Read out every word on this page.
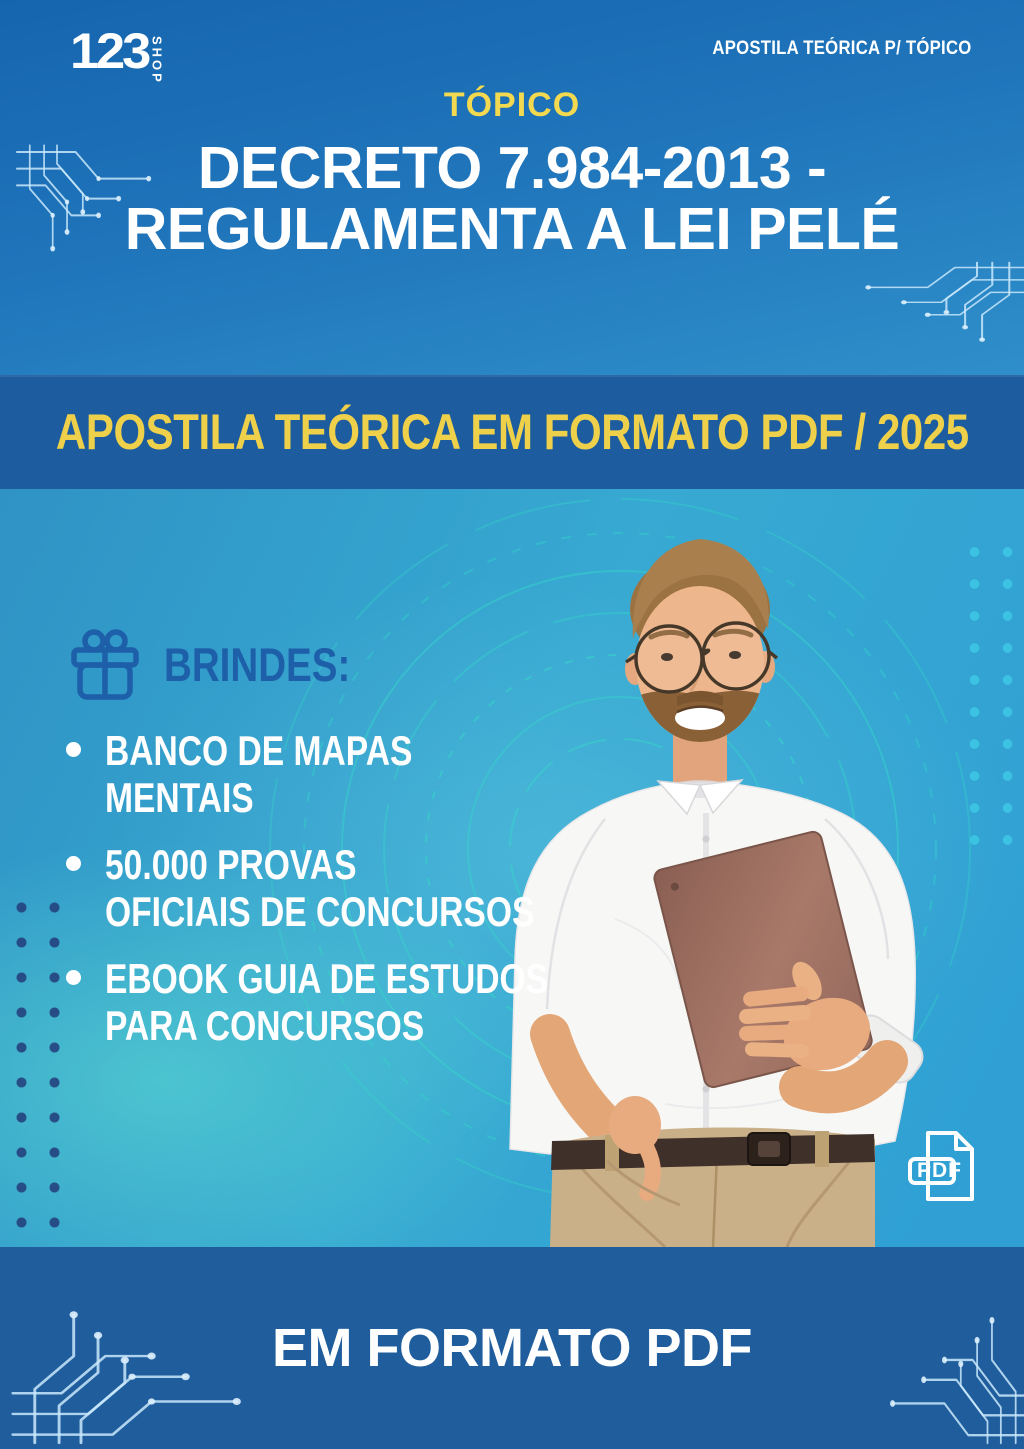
123 SHOP	APOSTILA TEÓRICA P/ TÓPICO
TÓPICO
DECRETO 7.984-2013 -
REGULAMENTA A LEI PELÉ
APOSTILA TEÓRICA EM FORMATO PDF / 2025
BRINDES:
BANCO DE MAPAS
MENTAIS
50.000 PROVAS
OFICIAIS DE CONCURSOS
EBOOK GUIA DE ESTUDOS
PARA CONCURSOS
PDF
EM FORMATO PDF
